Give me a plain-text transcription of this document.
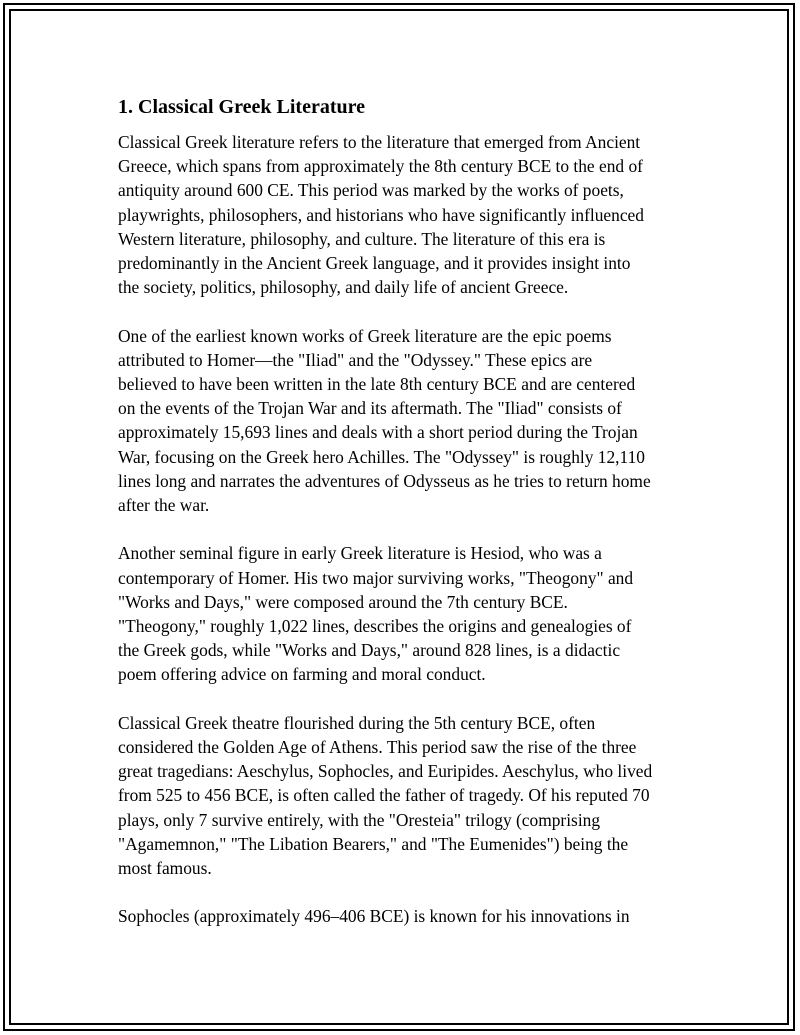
1. Classical Greek Literature
Classical Greek literature refers to the literature that emerged from Ancient
Greece, which spans from approximately the 8th century BCE to the end of
antiquity around 600 CE. This period was marked by the works of poets,
playwrights, philosophers, and historians who have significantly influenced
Western literature, philosophy, and culture. The literature of this era is
predominantly in the Ancient Greek language, and it provides insight into
the society, politics, philosophy, and daily life of ancient Greece.
One of the earliest known works of Greek literature are the epic poems
attributed to Homer—the "Iliad" and the "Odyssey." These epics are
believed to have been written in the late 8th century BCE and are centered
on the events of the Trojan War and its aftermath. The "Iliad" consists of
approximately 15,693 lines and deals with a short period during the Trojan
War, focusing on the Greek hero Achilles. The "Odyssey" is roughly 12,110
lines long and narrates the adventures of Odysseus as he tries to return home
after the war.
Another seminal figure in early Greek literature is Hesiod, who was a
contemporary of Homer. His two major surviving works, "Theogony" and
"Works and Days," were composed around the 7th century BCE.
"Theogony," roughly 1,022 lines, describes the origins and genealogies of
the Greek gods, while "Works and Days," around 828 lines, is a didactic
poem offering advice on farming and moral conduct.
Classical Greek theatre flourished during the 5th century BCE, often
considered the Golden Age of Athens. This period saw the rise of the three
great tragedians: Aeschylus, Sophocles, and Euripides. Aeschylus, who lived
from 525 to 456 BCE, is often called the father of tragedy. Of his reputed 70
plays, only 7 survive entirely, with the "Oresteia" trilogy (comprising
"Agamemnon," "The Libation Bearers," and "The Eumenides") being the
most famous.
Sophocles (approximately 496–406 BCE) is known for his innovations in
